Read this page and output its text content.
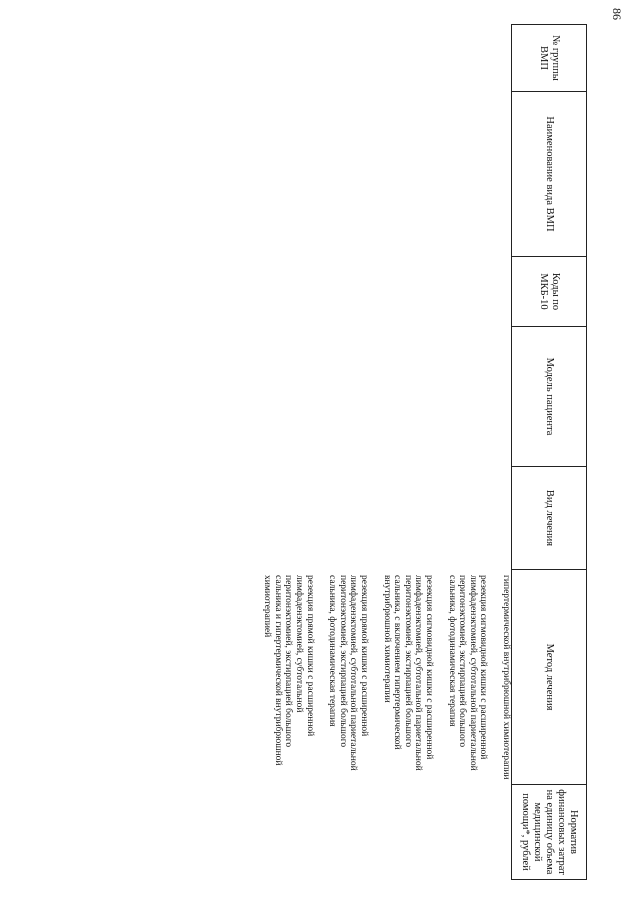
86
№ группы ВМП
Наименование вида ВМП
Коды по МКБ-10
Модель пациента
Вид лечения
Метод лечения
Норматив финансовых затрат на единицу объема медицинской помощи*, рублей
гипертермической внутрибрюшной химиотерапии
резекция сигмовидной кишки с расширенной лимфаденэктомией, субтотальной париетальной перитонэктомией, экстирпацией большого сальника, фотодинамическая терапия
резекция сигмовидной кишки с расширенной лимфаденэктомией, субтотальной париетальной перитонэктомией, экстирпацией большого сальника, с включением гипертермической внутрибрюшной химиотерапии
резекция прямой кишки с расширенной лимфаденэктомией, субтотальной париетальной перитонэктомией, экстирпацией большого сальника, фотодинамическая терапия
резекция прямой кишки с расширенной лимфаденэктомией, субтотальной перитонэктомией, экстирпацией большого сальника и гипертермической внутрибрюшной химиотерапией
